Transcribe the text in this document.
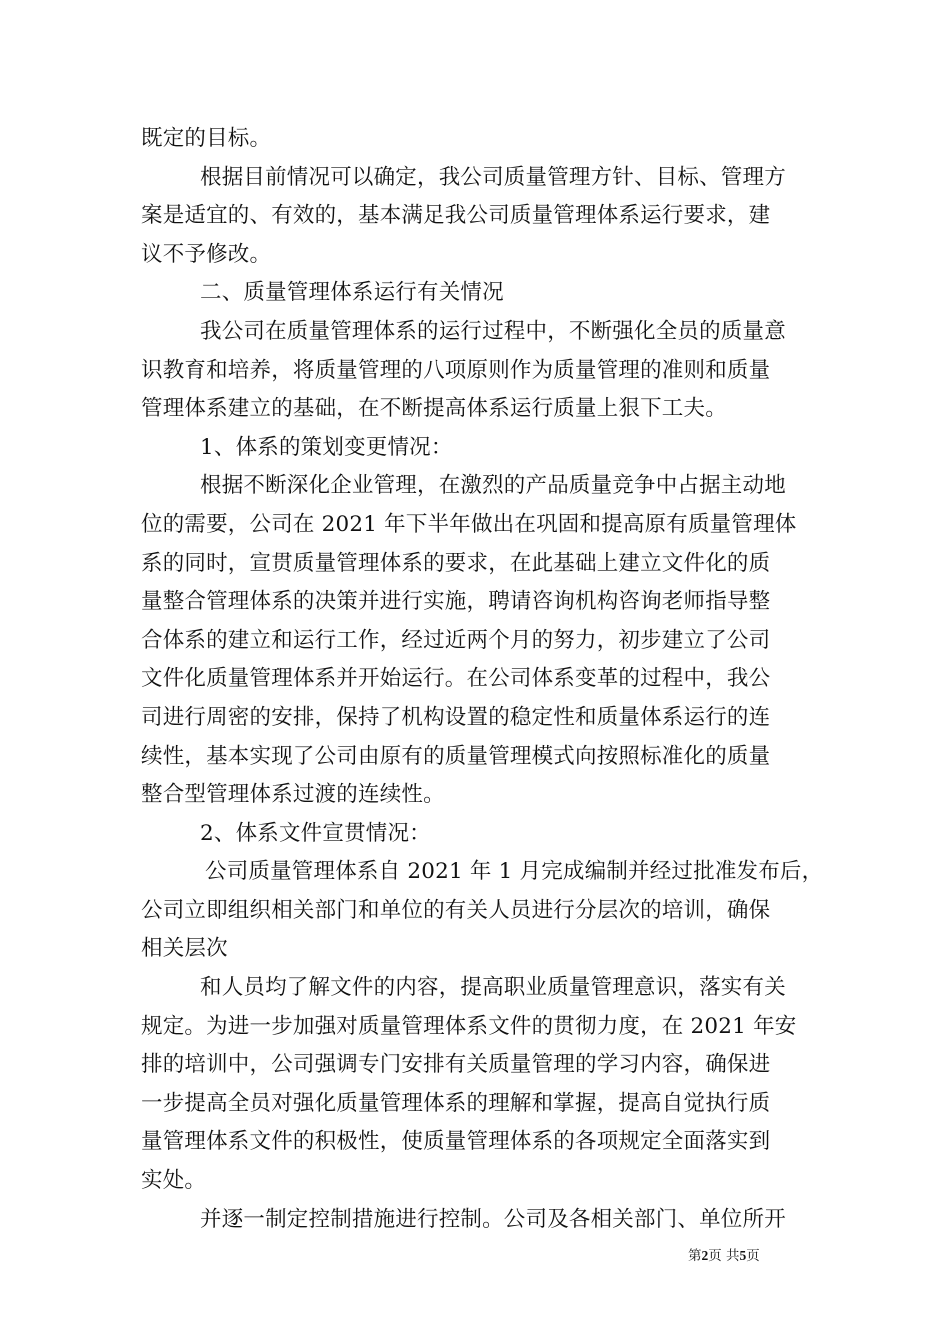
既定的目标。
根据目前情况可以确定，我公司质量管理方针、目标、管理方
案是适宜的、有效的，基本满足我公司质量管理体系运行要求，建
议不予修改。
二、质量管理体系运行有关情况
我公司在质量管理体系的运行过程中，不断强化全员的质量意
识教育和培养，将质量管理的八项原则作为质量管理的准则和质量
管理体系建立的基础，在不断提高体系运行质量上狠下工夫。
1、体系的策划变更情况：
根据不断深化企业管理，在激烈的产品质量竞争中占据主动地
位的需要，公司在 2021 年下半年做出在巩固和提高原有质量管理体
系的同时，宣贯质量管理体系的要求，在此基础上建立文件化的质
量整合管理体系的决策并进行实施，聘请咨询机构咨询老师指导整
合体系的建立和运行工作，经过近两个月的努力，初步建立了公司
文件化质量管理体系并开始运行。在公司体系变革的过程中，我公
司进行周密的安排，保持了机构设置的稳定性和质量体系运行的连
续性，基本实现了公司由原有的质量管理模式向按照标准化的质量
整合型管理体系过渡的连续性。
2、体系文件宣贯情况：
公司质量管理体系自 2021 年 1 月完成编制并经过批准发布后，
公司立即组织相关部门和单位的有关人员进行分层次的培训，确保
相关层次
和人员均了解文件的内容，提高职业质量管理意识，落实有关
规定。为进一步加强对质量管理体系文件的贯彻力度，在 2021 年安
排的培训中，公司强调专门安排有关质量管理的学习内容，确保进
一步提高全员对强化质量管理体系的理解和掌握，提高自觉执行质
量管理体系文件的积极性，使质量管理体系的各项规定全面落实到
实处。
并逐一制定控制措施进行控制。公司及各相关部门、单位所开
第2页 共5页
